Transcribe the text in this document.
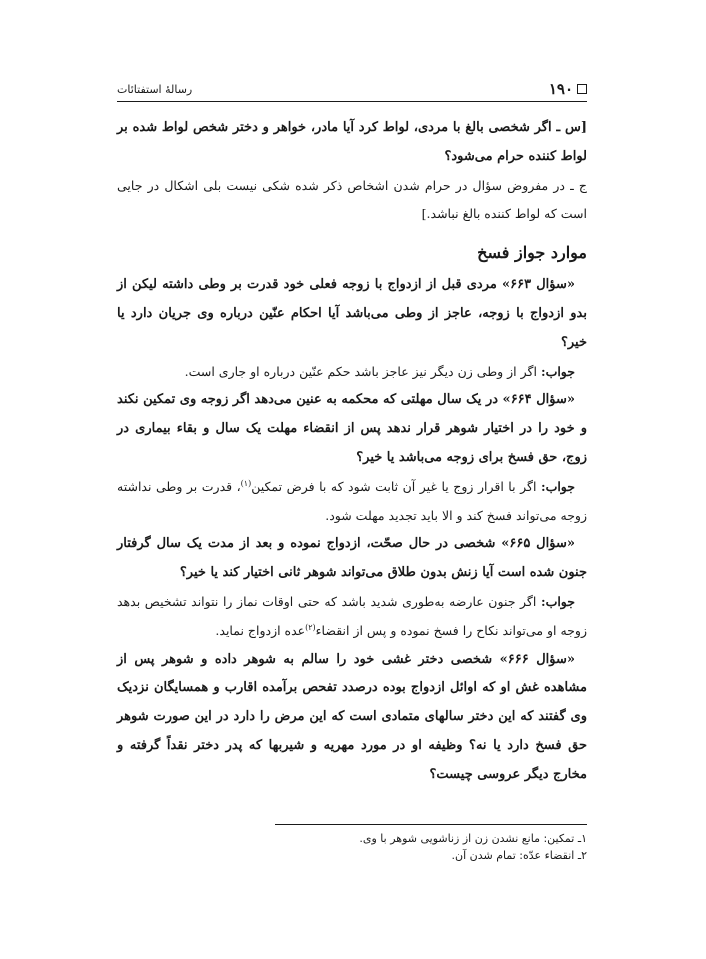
۱۹۰
رسالهٔ استفتائات

[س ـ اگر شخصی بالغ با مردی، لواط کرد آیا مادر، خواهر و دختر شخص لواط شده بر لواط کننده حرام می‌شود؟

ج ـ در مفروض سؤال در حرام شدن اشخاص ذکر شده شکی نیست بلی اشکال در جایی است که لواط کننده بالغ نباشد.]

موارد جواز فسخ

«سؤال ۶۶۳» مردی قبل از ازدواج با زوجه فعلی خود قدرت بر وطی داشته لیکن از بدو ازدواج با زوجه، عاجز از وطی می‌باشد آیا احکام عنّین درباره وی جریان دارد یا خیر؟

جواب: اگر از وطی زن دیگر نیز عاجز باشد حکم عنّین درباره او جاری است.

«سؤال ۶۶۴» در یک سال مهلتی که محکمه به عنین می‌دهد اگر زوجه وی تمکین نکند و خود را در اختیار شوهر قرار ندهد پس از انقضاء مهلت یک سال و بقاء بیماری در زوج، حق فسخ برای زوجه می‌باشد یا خیر؟

جواب: اگر با اقرار زوج یا غیر آن ثابت شود که با فرض تمکین$^{(۱)}$، قدرت بر وطی نداشته زوجه می‌تواند فسخ کند و الا باید تجدید مهلت شود.

«سؤال ۶۶۵» شخصی در حال صحّت، ازدواج نموده و بعد از مدت یک سال گرفتار جنون شده است آیا زنش بدون طلاق می‌تواند شوهر ثانی اختیار کند یا خیر؟

جواب: اگر جنون عارضه به‌طوری شدید باشد که حتی اوقات نماز را نتواند تشخیص بدهد زوجه او می‌تواند نکاح را فسخ نموده و پس از انقضاء$^{(۲)}$عده ازدواج نماید.

«سؤال ۶۶۶» شخصی دختر غشی خود را سالم به شوهر داده و شوهر پس از مشاهده غش او که اوائل ازدواج بوده درصدد تفحص برآمده اقارب و همسایگان نزدیک وی گفتند که این دختر سالهای متمادی است که این مرض را دارد در این صورت شوهر حق فسخ دارد یا نه؟ وظیفه او در مورد مهریه و شیربها که پدر دختر نقداً گرفته و مخارج دیگر عروسی چیست؟

۱ـ تمکین: مانع نشدن زن از زناشویی شوهر با وی.

۲ـ انقضاء عدّه: تمام شدن آن.
